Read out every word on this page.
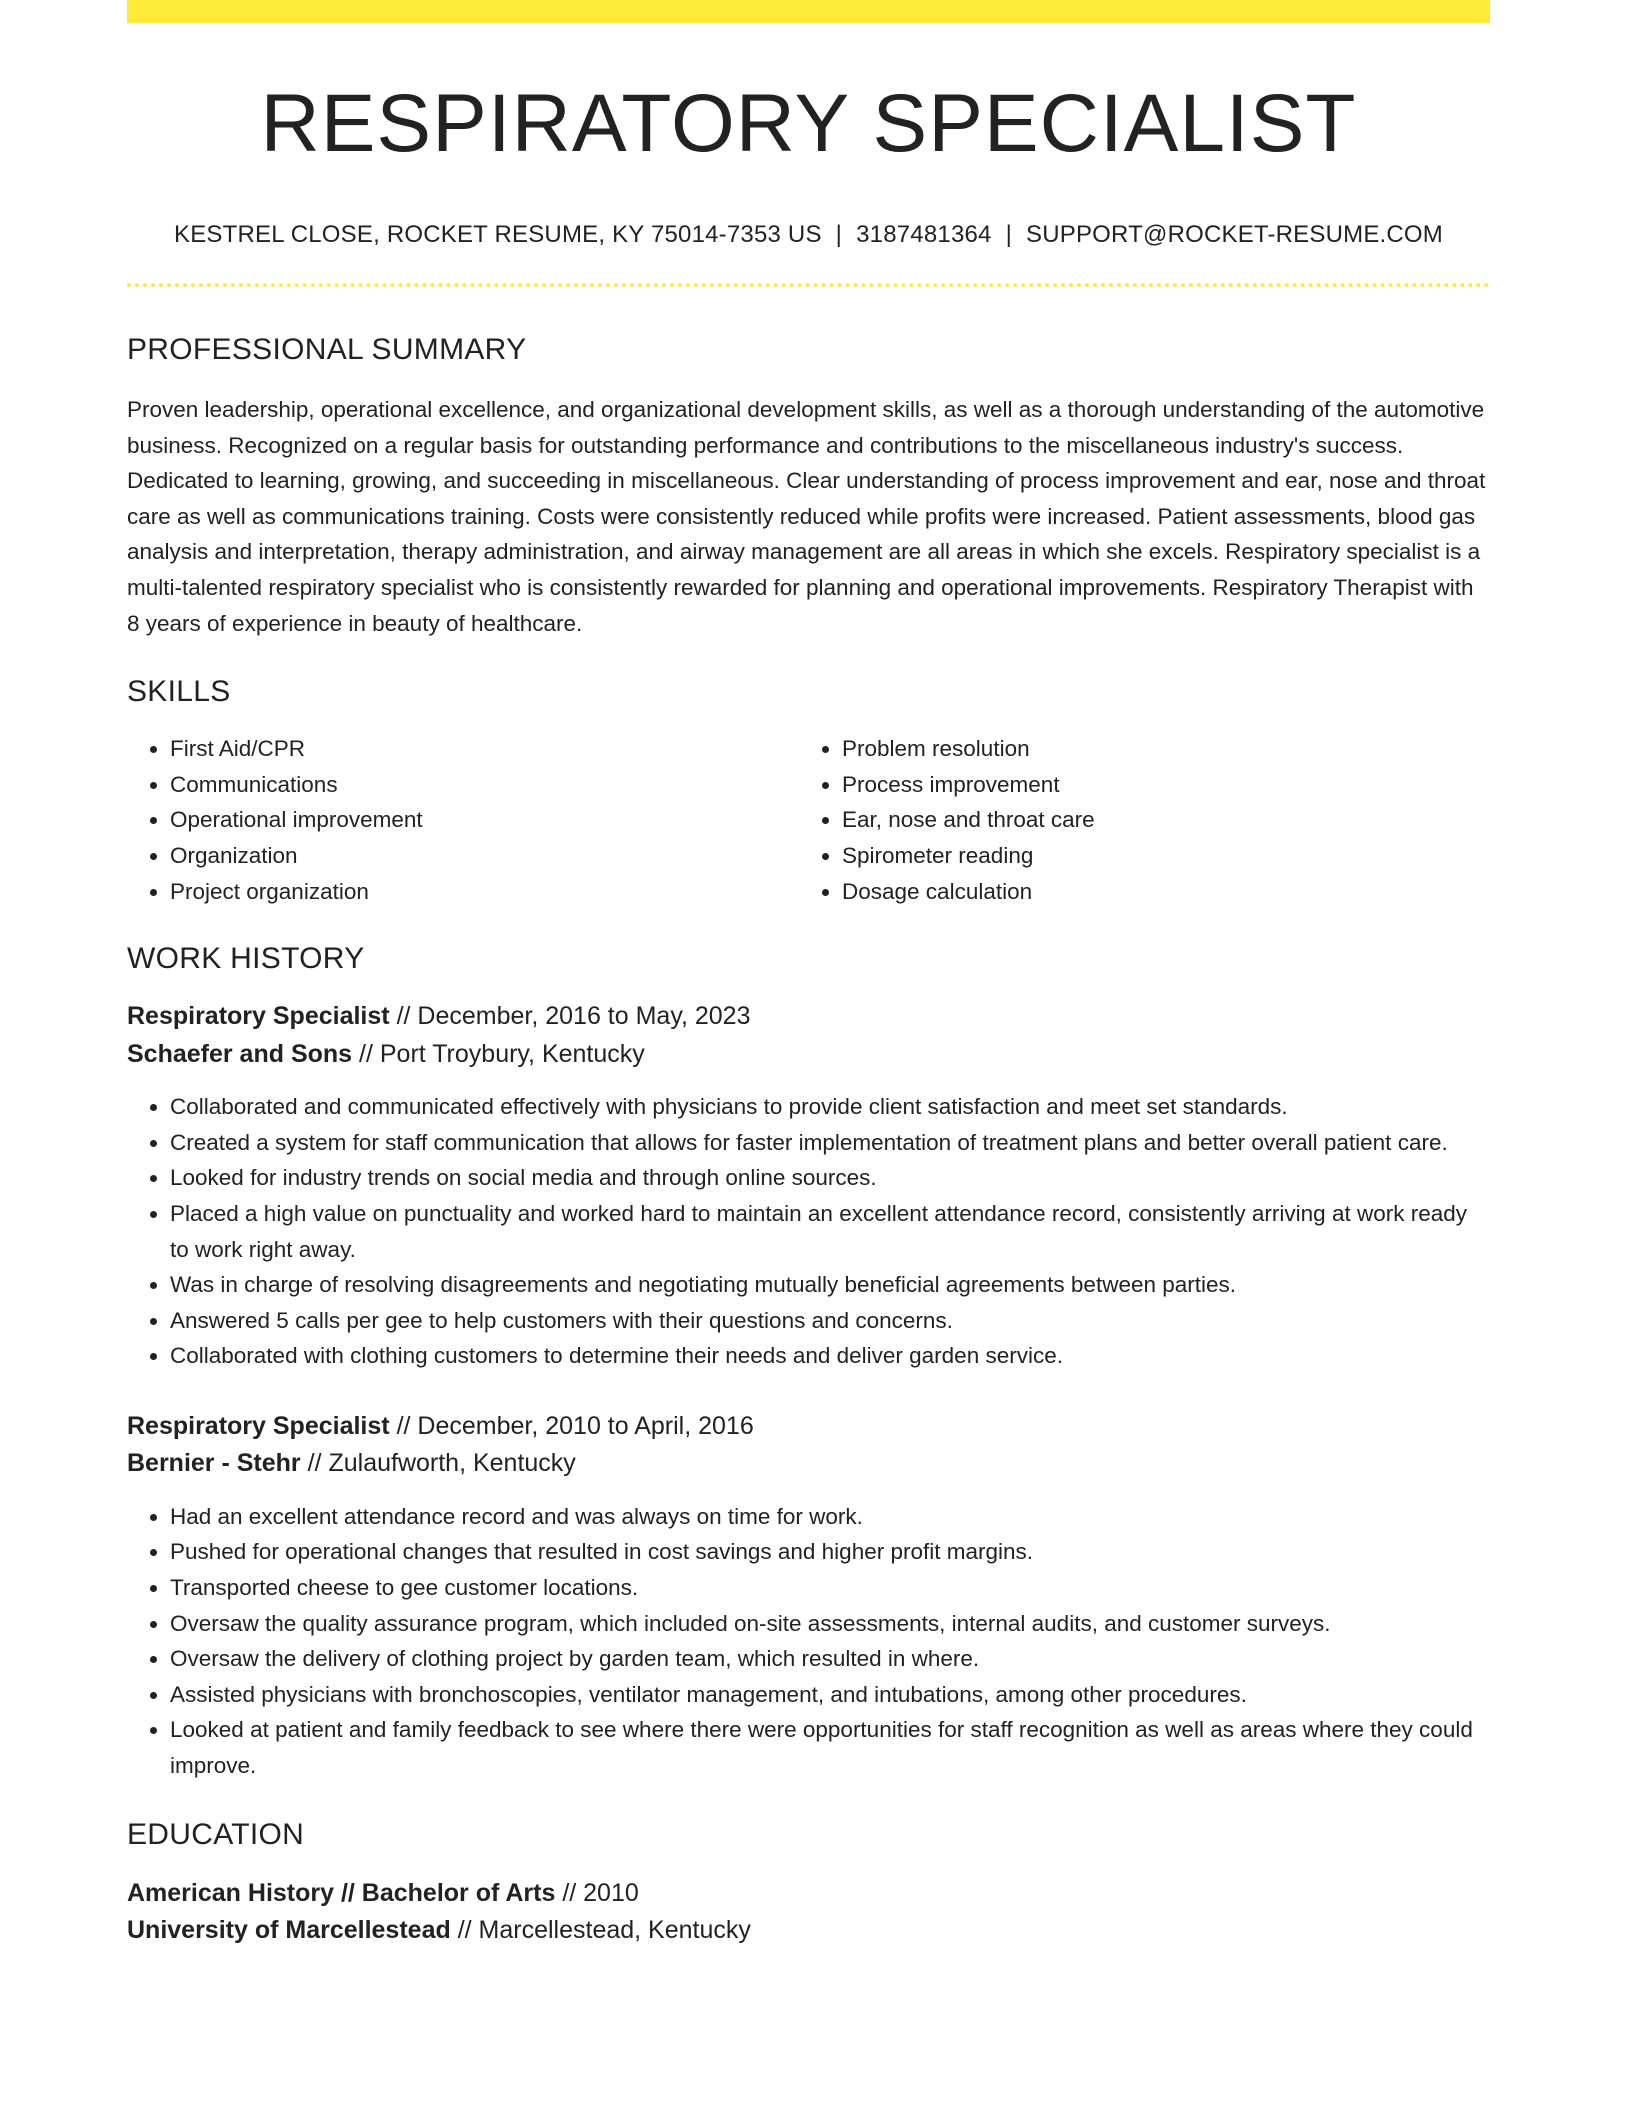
RESPIRATORY SPECIALIST
KESTREL CLOSE, ROCKET RESUME, KY 75014-7353 US | 3187481364 | SUPPORT@ROCKET-RESUME.COM
PROFESSIONAL SUMMARY
Proven leadership, operational excellence, and organizational development skills, as well as a thorough understanding of the automotive business. Recognized on a regular basis for outstanding performance and contributions to the miscellaneous industry's success. Dedicated to learning, growing, and succeeding in miscellaneous. Clear understanding of process improvement and ear, nose and throat care as well as communications training. Costs were consistently reduced while profits were increased. Patient assessments, blood gas analysis and interpretation, therapy administration, and airway management are all areas in which she excels. Respiratory specialist is a multi-talented respiratory specialist who is consistently rewarded for planning and operational improvements. Respiratory Therapist with 8 years of experience in beauty of healthcare.
SKILLS
• First Aid/CPR
• Communications
• Operational improvement
• Organization
• Project organization
• Problem resolution
• Process improvement
• Ear, nose and throat care
• Spirometer reading
• Dosage calculation
WORK HISTORY
Respiratory Specialist // December, 2016 to May, 2023
Schaefer and Sons // Port Troybury, Kentucky
• Collaborated and communicated effectively with physicians to provide client satisfaction and meet set standards.
• Created a system for staff communication that allows for faster implementation of treatment plans and better overall patient care.
• Looked for industry trends on social media and through online sources.
• Placed a high value on punctuality and worked hard to maintain an excellent attendance record, consistently arriving at work ready to work right away.
• Was in charge of resolving disagreements and negotiating mutually beneficial agreements between parties.
• Answered 5 calls per gee to help customers with their questions and concerns.
• Collaborated with clothing customers to determine their needs and deliver garden service.
Respiratory Specialist // December, 2010 to April, 2016
Bernier - Stehr // Zulaufworth, Kentucky
• Had an excellent attendance record and was always on time for work.
• Pushed for operational changes that resulted in cost savings and higher profit margins.
• Transported cheese to gee customer locations.
• Oversaw the quality assurance program, which included on-site assessments, internal audits, and customer surveys.
• Oversaw the delivery of clothing project by garden team, which resulted in where.
• Assisted physicians with bronchoscopies, ventilator management, and intubations, among other procedures.
• Looked at patient and family feedback to see where there were opportunities for staff recognition as well as areas where they could improve.
EDUCATION
American History // Bachelor of Arts // 2010
University of Marcellestead // Marcellestead, Kentucky
